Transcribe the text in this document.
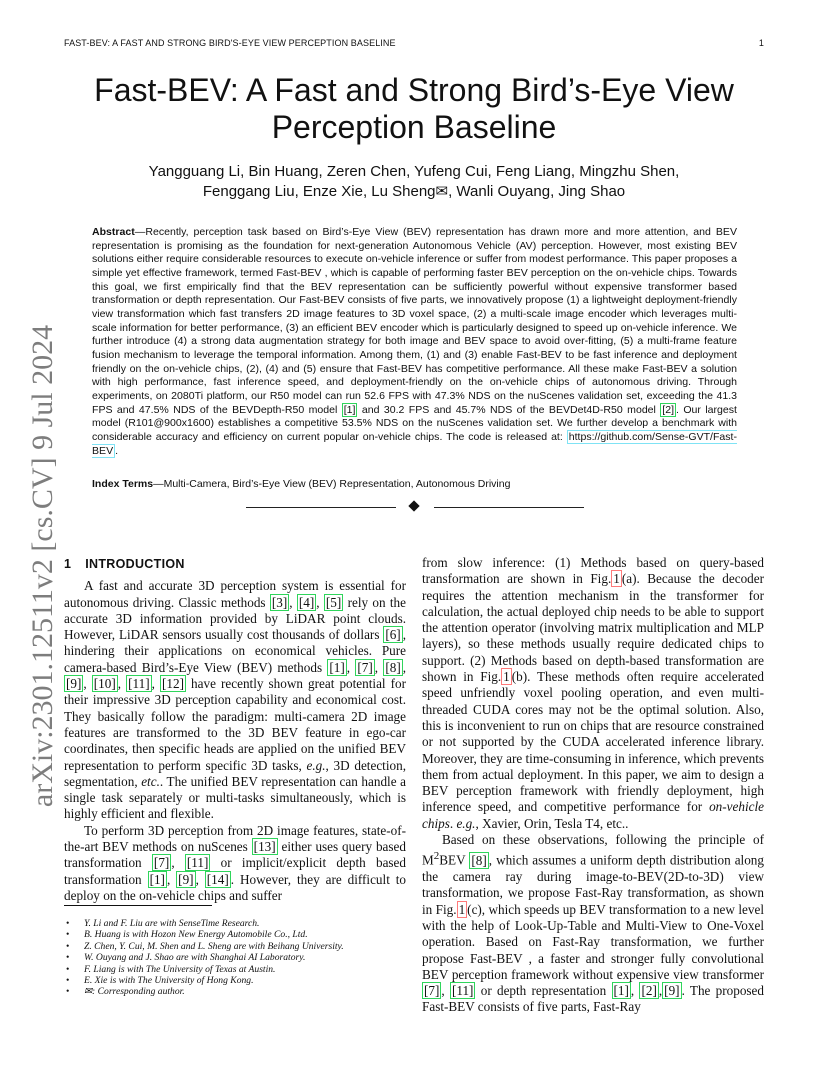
FAST-BEV: A FAST AND STRONG BIRD'S-EYE VIEW PERCEPTION BASELINE	1
arXiv:2301.12511v2 [cs.CV] 9 Jul 2024
Fast-BEV: A Fast and Strong Bird’s-Eye View
Perception Baseline
Yangguang Li, Bin Huang, Zeren Chen, Yufeng Cui, Feng Liang, Mingzhu Shen,
Fenggang Liu, Enze Xie, Lu Sheng✉, Wanli Ouyang, Jing Shao

Abstract—Recently, perception task based on Bird’s-Eye View (BEV) representation has drawn more and more attention, and BEV representation is promising as the foundation for next-generation Autonomous Vehicle (AV) perception. However, most existing BEV solutions either require considerable resources to execute on-vehicle inference or suffer from modest performance. This paper proposes a simple yet effective framework, termed Fast-BEV , which is capable of performing faster BEV perception on the on-vehicle chips. Towards this goal, we first empirically find that the BEV representation can be sufficiently powerful without expensive transformer based transformation or depth representation. Our Fast-BEV consists of five parts, we innovatively propose (1) a lightweight deployment-friendly view transformation which fast transfers 2D image features to 3D voxel space, (2) a multi-scale image encoder which leverages multi-scale information for better performance, (3) an efficient BEV encoder which is particularly designed to speed up on-vehicle inference. We further introduce (4) a strong data augmentation strategy for both image and BEV space to avoid over-fitting, (5) a multi-frame feature fusion mechanism to leverage the temporal information. Among them, (1) and (3) enable Fast-BEV to be fast inference and deployment friendly on the on-vehicle chips, (2), (4) and (5) ensure that Fast-BEV has competitive performance. All these make Fast-BEV a solution with high performance, fast inference speed, and deployment-friendly on the on-vehicle chips of autonomous driving. Through experiments, on 2080Ti platform, our R50 model can run 52.6 FPS with 47.3% NDS on the nuScenes validation set, exceeding the 41.3 FPS and 47.5% NDS of the BEVDepth-R50 model [1] and 30.2 FPS and 45.7% NDS of the BEVDet4D-R50 model [2] . Our largest model (R101@900x1600) establishes a competitive 53.5% NDS on the nuScenes validation set. We further develop a benchmark with considerable accuracy and efficiency on current popular on-vehicle chips. The code is released at: https://github.com/Sense-GVT/Fast-BEV .

Index Terms—Multi-Camera, Bird’s-Eye View (BEV) Representation, Autonomous Driving

1 INTRODUCTION

A fast and accurate 3D perception system is essential for autonomous driving. Classic methods [3] , [4] , [5] rely on the accurate 3D information provided by LiDAR point clouds. However, LiDAR sensors usually cost thousands of dollars [6] , hindering their applications on economical vehicles. Pure camera-based Bird’s-Eye View (BEV) methods [1] , [7] , [8] , [9] , [10] , [11] , [12] have recently shown great potential for their impressive 3D perception capability and economical cost. They basically follow the paradigm: multi-camera 2D image features are transformed to the 3D BEV feature in ego-car coordinates, then specific heads are applied on the unified BEV representation to perform specific 3D tasks, e.g., 3D detection, segmentation, etc.. The unified BEV representation can handle a single task separately or multi-tasks simultaneously, which is highly efficient and flexible.

To perform 3D perception from 2D image features, state-of-the-art BEV methods on nuScenes [13] either uses query based transformation [7] , [11] or implicit/explicit depth based transformation [1] , [9] , [14] . However, they are difficult to deploy on the on-vehicle chips and suffer

• Y. Li and F. Liu are with SenseTime Research.
• B. Huang is with Hozon New Energy Automobile Co., Ltd.
• Z. Chen, Y. Cui, M. Shen and L. Sheng are with Beihang University.
• W. Ouyang and J. Shao are with Shanghai AI Laboratory.
• F. Liang is with The University of Texas at Austin.
• E. Xie is with The University of Hong Kong.
• ✉: Corresponding author.

from slow inference: (1) Methods based on query-based transformation are shown in Fig. 1 (a). Because the decoder requires the attention mechanism in the transformer for calculation, the actual deployed chip needs to be able to support the attention operator (involving matrix multiplication and MLP layers), so these methods usually require dedicated chips to support. (2) Methods based on depth-based transformation are shown in Fig. 1 (b). These methods often require accelerated speed unfriendly voxel pooling operation, and even multi-threaded CUDA cores may not be the optimal solution. Also, this is inconvenient to run on chips that are resource constrained or not supported by the CUDA accelerated inference library. Moreover, they are time-consuming in inference, which prevents them from actual deployment. In this paper, we aim to design a BEV perception framework with friendly deployment, high inference speed, and competitive performance for on-vehicle chips. e.g., Xavier, Orin, Tesla T4, etc..

Based on these observations, following the principle of $M^2BEV$ [8] , which assumes a uniform depth distribution along the camera ray during image-to-BEV(2D-to-3D) view transformation, we propose Fast-Ray transformation, as shown in Fig. 1 (c), which speeds up BEV transformation to a new level with the help of Look-Up-Table and Multi-View to One-Voxel operation. Based on Fast-Ray transformation, we further propose Fast-BEV , a faster and stronger fully convolutional BEV perception framework without expensive view transformer [7] , [11] or depth representation [1] , [2] , [9] . The proposed Fast-BEV consists of five parts, Fast-Ray
